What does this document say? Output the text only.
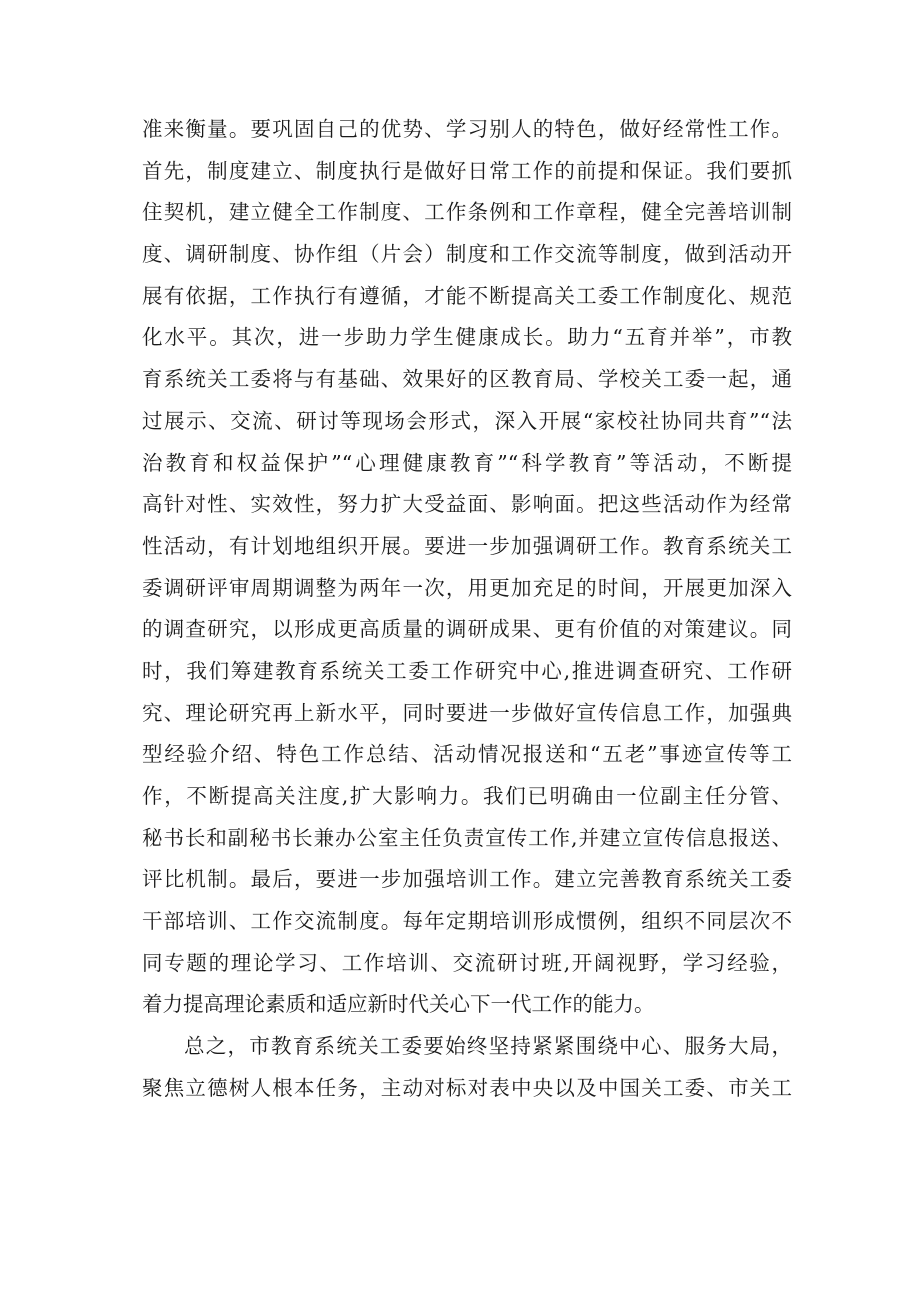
准来衡量。要巩固自己的优势、学习别人的特色，做好经常性工作。
首先，制度建立、制度执行是做好日常工作的前提和保证。我们要抓
住契机，建立健全工作制度、工作条例和工作章程，健全完善培训制
度、调研制度、协作组（片会）制度和工作交流等制度，做到活动开
展有依据，工作执行有遵循，才能不断提高关工委工作制度化、规范
化水平。其次，进一步助力学生健康成长。助力“五育并举”，市教
育系统关工委将与有基础、效果好的区教育局、学校关工委一起，通
过展示、交流、研讨等现场会形式，深入开展“家校社协同共育”“法
治教育和权益保护”“心理健康教育”“科学教育”等活动，不断提
高针对性、实效性，努力扩大受益面、影响面。把这些活动作为经常
性活动，有计划地组织开展。要进一步加强调研工作。教育系统关工
委调研评审周期调整为两年一次，用更加充足的时间，开展更加深入
的调查研究，以形成更高质量的调研成果、更有价值的对策建议。同
时，我们筹建教育系统关工委工作研究中心,推进调查研究、工作研
究、理论研究再上新水平，同时要进一步做好宣传信息工作，加强典
型经验介绍、特色工作总结、活动情况报送和“五老”事迹宣传等工
作，不断提高关注度,扩大影响力。我们已明确由一位副主任分管、
秘书长和副秘书长兼办公室主任负责宣传工作,并建立宣传信息报送、
评比机制。最后，要进一步加强培训工作。建立完善教育系统关工委
干部培训、工作交流制度。每年定期培训形成惯例，组织不同层次不
同专题的理论学习、工作培训、交流研讨班,开阔视野，学习经验，
着力提高理论素质和适应新时代关心下一代工作的能力。
总之，市教育系统关工委要始终坚持紧紧围绕中心、服务大局，
聚焦立德树人根本任务，主动对标对表中央以及中国关工委、市关工
